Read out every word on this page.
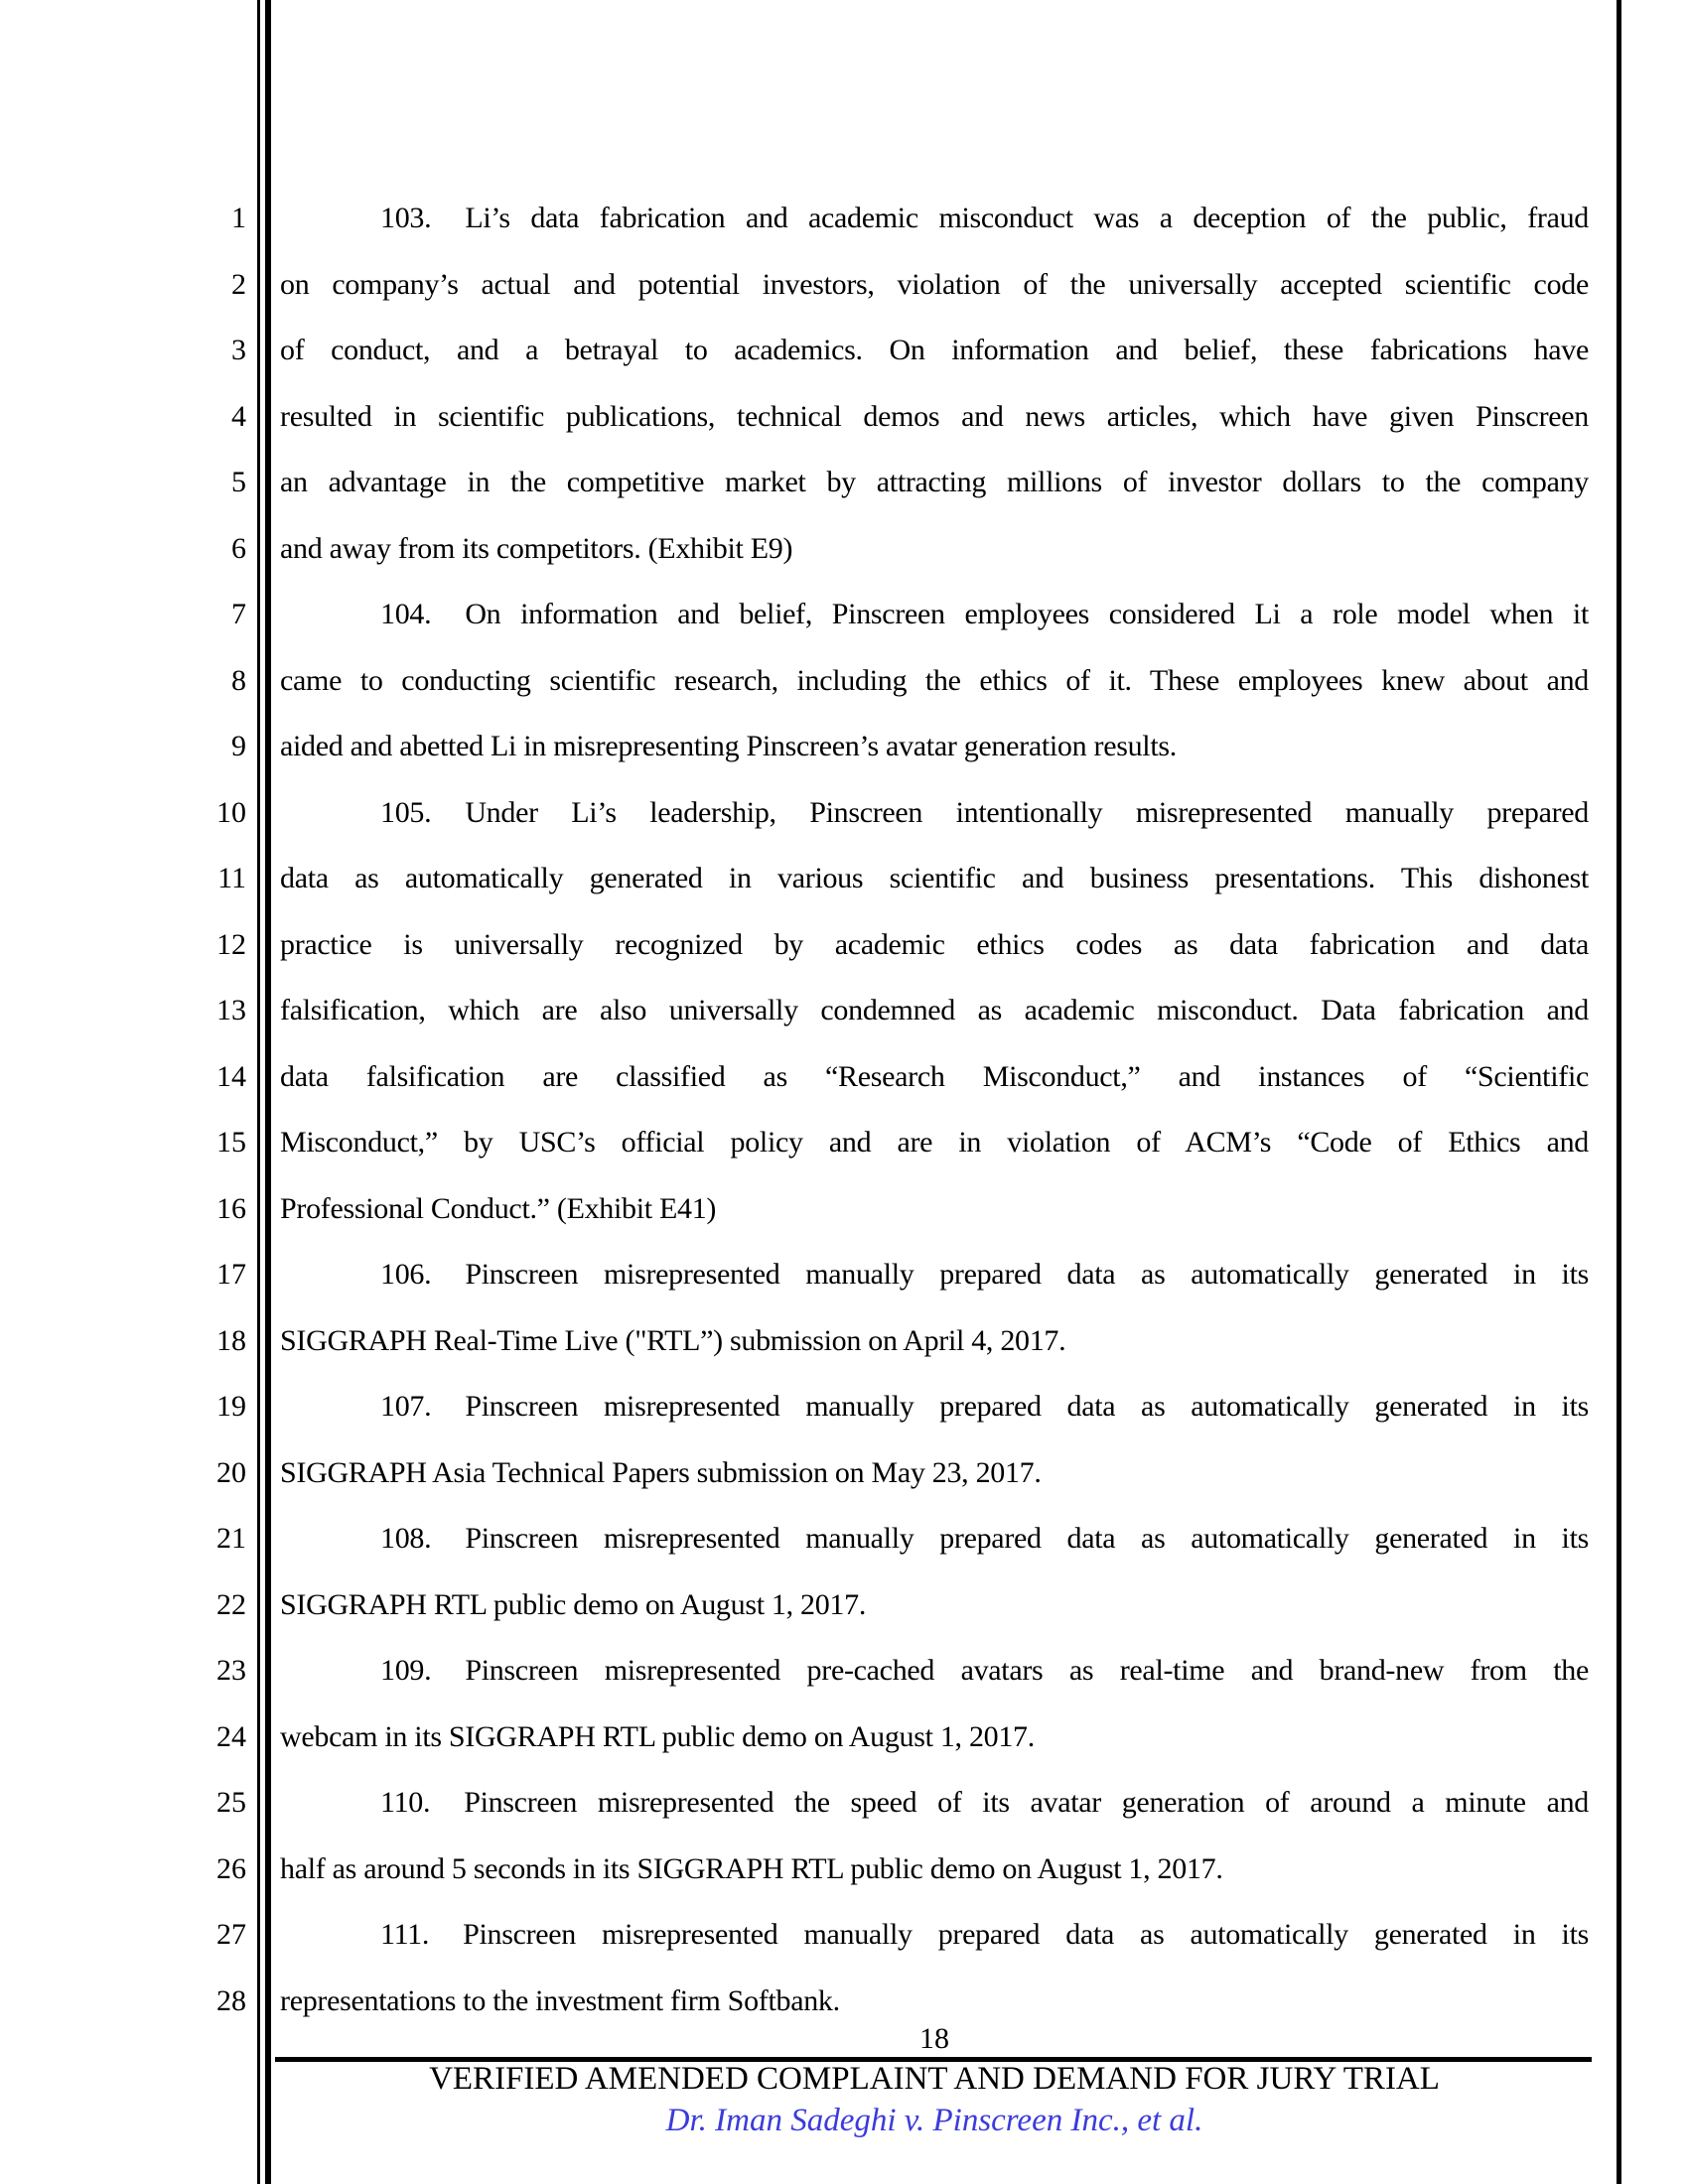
1
2
3
4
5
6
7
8
9
10
11
12
13
14
15
16
17
18
19
20
21
22
23
24
25
26
27
28
103. Li’s data fabrication and academic misconduct was a deception of the public, fraud
on company’s actual and potential investors, violation of the universally accepted scientific code
of conduct, and a betrayal to academics. On information and belief, these fabrications have
resulted in scientific publications, technical demos and news articles, which have given Pinscreen
an advantage in the competitive market by attracting millions of investor dollars to the company
and away from its competitors. (Exhibit E9)
104. On information and belief, Pinscreen employees considered Li a role model when it
came to conducting scientific research, including the ethics of it. These employees knew about and
aided and abetted Li in misrepresenting Pinscreen’s avatar generation results.
105. Under Li’s leadership, Pinscreen intentionally misrepresented manually prepared
data as automatically generated in various scientific and business presentations. This dishonest
practice is universally recognized by academic ethics codes as data fabrication and data
falsification, which are also universally condemned as academic misconduct. Data fabrication and
data falsification are classified as “Research Misconduct,” and instances of “Scientific
Misconduct,” by USC’s official policy and are in violation of ACM’s “Code of Ethics and
Professional Conduct.” (Exhibit E41)
106. Pinscreen misrepresented manually prepared data as automatically generated in its
SIGGRAPH Real-Time Live ("RTL”) submission on April 4, 2017.
107. Pinscreen misrepresented manually prepared data as automatically generated in its
SIGGRAPH Asia Technical Papers submission on May 23, 2017.
108. Pinscreen misrepresented manually prepared data as automatically generated in its
SIGGRAPH RTL public demo on August 1, 2017.
109. Pinscreen misrepresented pre-cached avatars as real-time and brand-new from the
webcam in its SIGGRAPH RTL public demo on August 1, 2017.
110. Pinscreen misrepresented the speed of its avatar generation of around a minute and
half as around 5 seconds in its SIGGRAPH RTL public demo on August 1, 2017.
111. Pinscreen misrepresented manually prepared data as automatically generated in its
representations to the investment firm Softbank.
18
VERIFIED AMENDED COMPLAINT AND DEMAND FOR JURY TRIAL
Dr. Iman Sadeghi v. Pinscreen Inc., et al.
